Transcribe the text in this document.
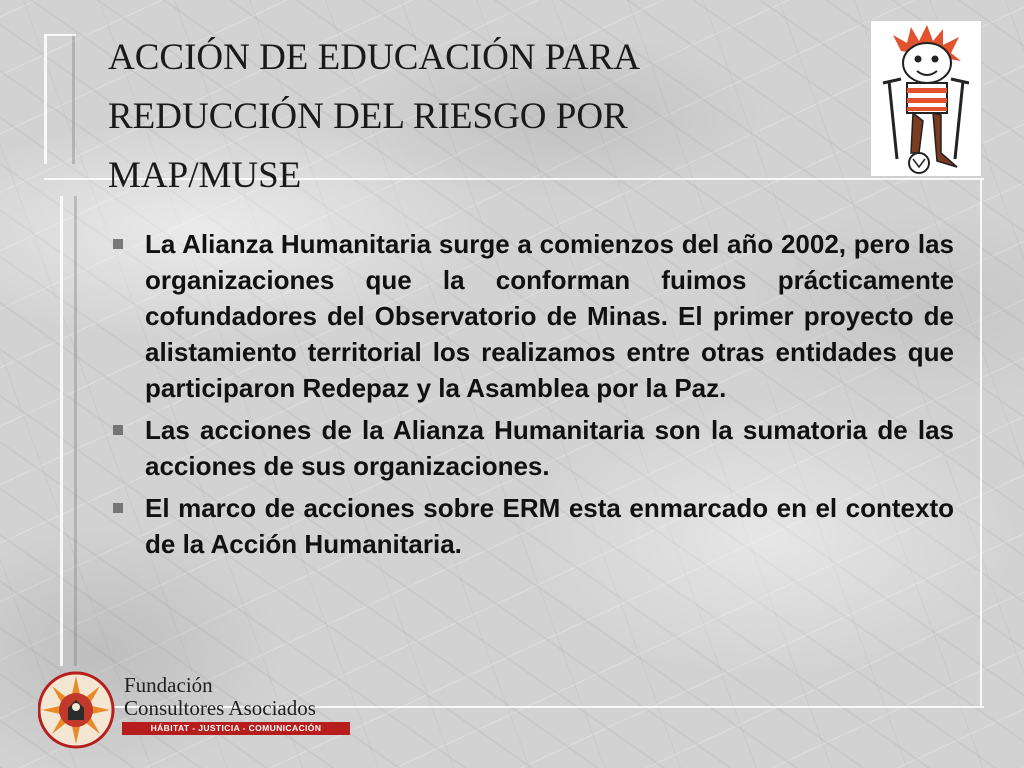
ACCIÓN DE EDUCACIÓN PARA
REDUCCIÓN DEL RIESGO POR
MAP/MUSE

La Alianza Humanitaria surge a comienzos del año 2002, pero las organizaciones que la conforman fuimos prácticamente cofundadores del Observatorio de Minas. El primer proyecto de alistamiento territorial los realizamos entre otras entidades que participaron Redepaz y la Asamblea por la Paz.

Las acciones de la Alianza Humanitaria son la sumatoria de las acciones de sus organizaciones.

El marco de acciones sobre ERM esta enmarcado en el contexto de la Acción Humanitaria.

Fundación
Consultores Asociados
HÁBITAT - JUSTICIA - COMUNICACIÓN
